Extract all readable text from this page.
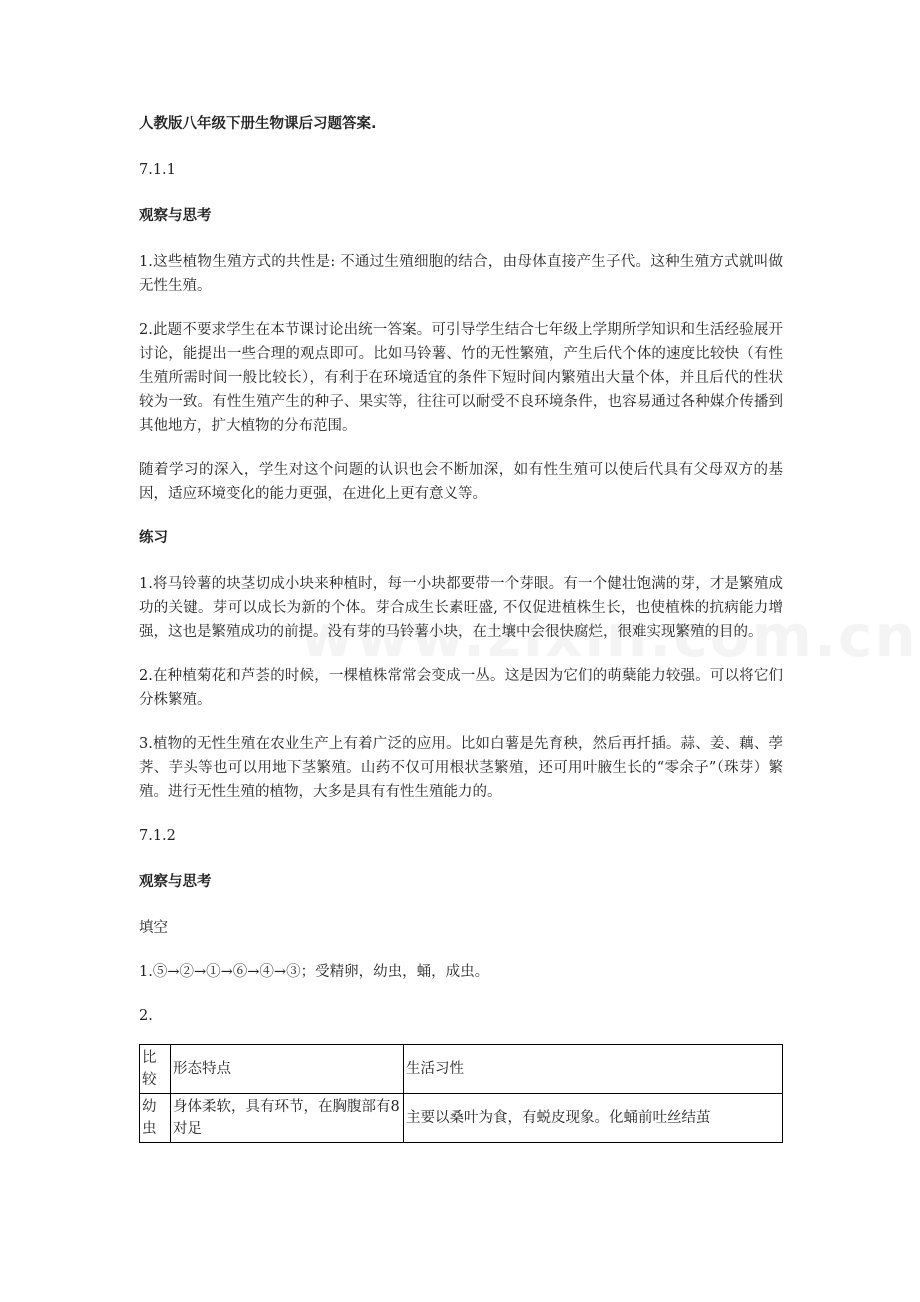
人教版八年级下册生物课后习题答案.
7.1.1
观察与思考
1.这些植物生殖方式的共性是: 不通过生殖细胞的结合，由母体直接产生子代。这种生殖方式就叫做无性生殖。
2.此题不要求学生在本节课讨论出统一答案。可引导学生结合七年级上学期所学知识和生活经验展开讨论，能提出一些合理的观点即可。比如马铃薯、竹的无性繁殖，产生后代个体的速度比较快（有性生殖所需时间一般比较长），有利于在环境适宜的条件下短时间内繁殖出大量个体，并且后代的性状较为一致。有性生殖产生的种子、果实等，往往可以耐受不良环境条件，也容易通过各种媒介传播到其他地方，扩大植物的分布范围。
随着学习的深入，学生对这个问题的认识也会不断加深，如有性生殖可以使后代具有父母双方的基因，适应环境变化的能力更强，在进化上更有意义等。
练习
1.将马铃薯的块茎切成小块来种植时，每一小块都要带一个芽眼。有一个健壮饱满的芽，才是繁殖成功的关键。芽可以成长为新的个体。芽合成生长素旺盛, 不仅促进植株生长，也使植株的抗病能力增强，这也是繁殖成功的前提。没有芽的马铃薯小块，在土壤中会很快腐烂，很难实现繁殖的目的。
2.在种植菊花和芦荟的时候，一棵植株常常会变成一丛。这是因为它们的萌蘖能力较强。可以将它们分株繁殖。
3.植物的无性生殖在农业生产上有着广泛的应用。比如白薯是先育秧，然后再扦插。蒜、姜、藕、荸荠、芋头等也可以用地下茎繁殖。山药不仅可用根状茎繁殖，还可用叶腋生长的“零余子”（珠芽）繁殖。进行无性生殖的植物，大多是具有有性生殖能力的。
7.1.2
观察与思考
填空
1.⑤→②→①→⑥→④→③；受精卵，幼虫，蛹，成虫。
2.
比较	形态特点	生活习性
幼虫	身体柔软，具有环节，在胸腹部有8对足	主要以桑叶为食，有蜕皮现象。化蛹前吐丝结茧
